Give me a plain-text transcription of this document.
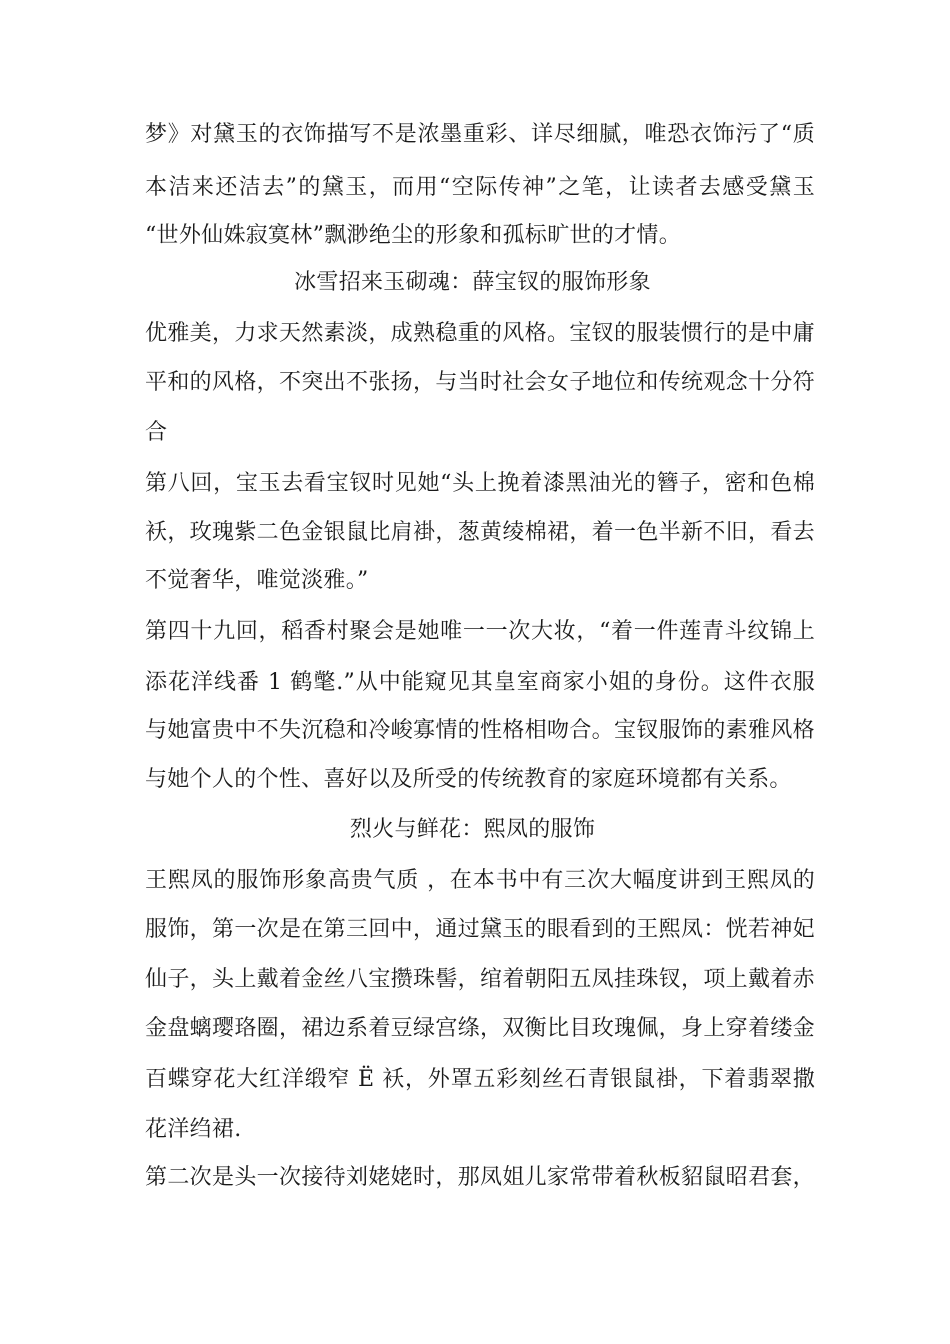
梦》对黛玉的衣饰描写不是浓墨重彩、详尽细腻，唯恐衣饰污了“质
本洁来还洁去”的黛玉，而用“空际传神”之笔，让读者去感受黛玉
“世外仙姝寂寞林”飘渺绝尘的形象和孤标旷世的才情。
冰雪招来玉砌魂：薛宝钗的服饰形象
优雅美，力求天然素淡，成熟稳重的风格。宝钗的服装惯行的是中庸
平和的风格，不突出不张扬，与当时社会女子地位和传统观念十分符
合
第八回，宝玉去看宝钗时见她“头上挽着漆黑油光的簪子，密和色棉
袄，玫瑰紫二色金银鼠比肩褂，葱黄绫棉裙，着一色半新不旧，看去
不觉奢华，唯觉淡雅。”
第四十九回，稻香村聚会是她唯一一次大妆，“着一件莲青斗纹锦上
添花洋线番 1 鹤氅.”从中能窥见其皇室商家小姐的身份。这件衣服
与她富贵中不失沉稳和冷峻寡情的性格相吻合。宝钗服饰的素雅风格
与她个人的个性、喜好以及所受的传统教育的家庭环境都有关系。
烈火与鲜花：熙凤的服饰
王熙凤的服饰形象高贵气质 ，在本书中有三次大幅度讲到王熙凤的
服饰，第一次是在第三回中，通过黛玉的眼看到的王熙凤：恍若神妃
仙子，头上戴着金丝八宝攒珠髻，绾着朝阳五凤挂珠钗，项上戴着赤
金盘螭璎珞圈，裙边系着豆绿宫绦，双衡比目玫瑰佩，身上穿着缕金
百蝶穿花大红洋缎窄 Ë 袄，外罩五彩刻丝石青银鼠褂，下着翡翠撒
花洋绉裙.
第二次是头一次接待刘姥姥时，那凤姐儿家常带着秋板貂鼠昭君套，
